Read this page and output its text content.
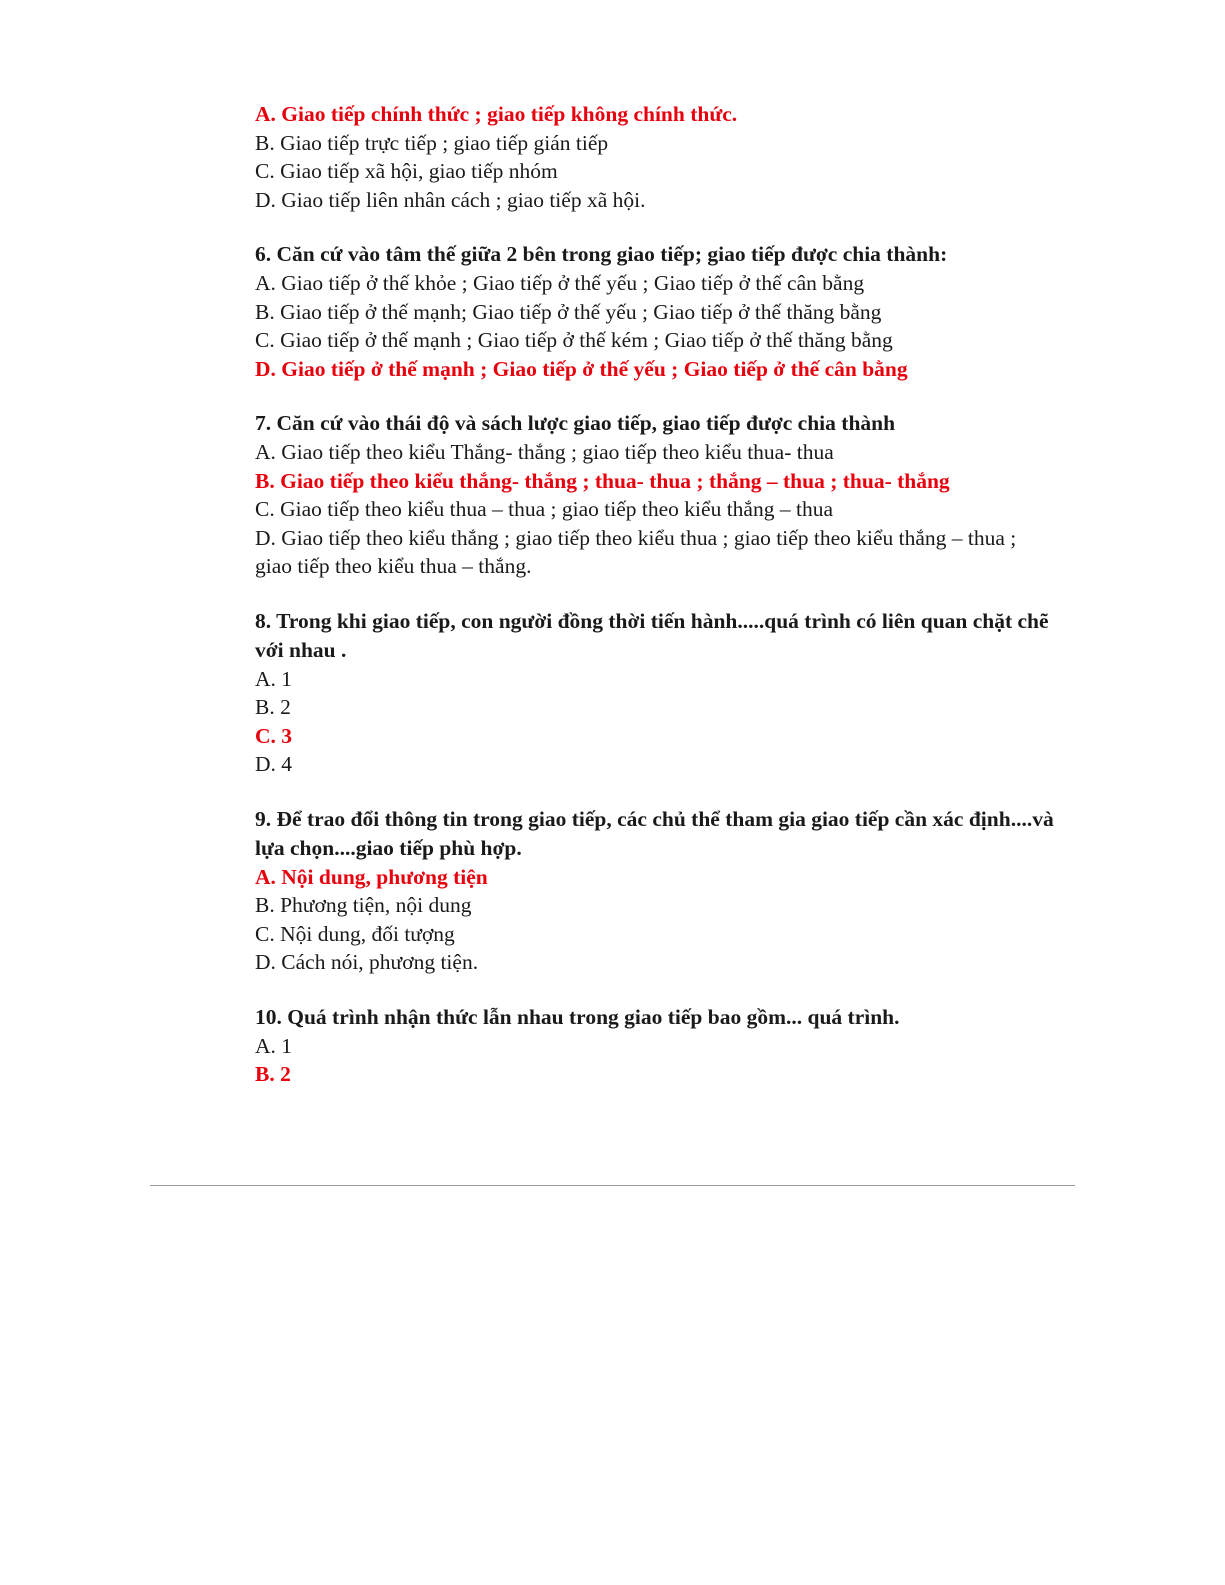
A. Giao tiếp chính thức ; giao tiếp không chính thức.
B. Giao tiếp trực tiếp ; giao tiếp gián tiếp
C. Giao tiếp xã hội, giao tiếp nhóm
D. Giao tiếp liên nhân cách ; giao tiếp xã hội.
6. Căn cứ vào tâm thế giữa 2 bên trong giao tiếp; giao tiếp được chia thành:
A. Giao tiếp ở thế khỏe ; Giao tiếp ở thế yếu ; Giao tiếp ở thế cân bằng
B. Giao tiếp ở thế mạnh; Giao tiếp ở thế yếu ; Giao tiếp ở thế thăng bằng
C. Giao tiếp ở thế mạnh ; Giao tiếp ở thế kém ; Giao tiếp ở thế thăng bằng
D. Giao tiếp ở thế mạnh ; Giao tiếp ở thế yếu ; Giao tiếp ở thế cân bằng
7. Căn cứ vào thái độ và sách lược giao tiếp, giao tiếp được chia thành
A. Giao tiếp theo kiểu Thắng- thắng ; giao tiếp theo kiểu thua- thua
B. Giao tiếp theo kiểu thắng- thắng ; thua- thua ; thắng – thua ; thua- thắng
C. Giao tiếp theo kiểu thua – thua ; giao tiếp theo kiểu thắng – thua
D. Giao tiếp theo kiểu thắng ; giao tiếp theo kiểu thua ; giao tiếp theo kiểu thắng – thua ; giao tiếp theo kiểu thua – thắng.
8. Trong khi giao tiếp, con người đồng thời tiến hành.....quá trình có liên quan chặt chẽ với nhau .
A. 1
B. 2
C. 3
D. 4
9. Để trao đổi thông tin trong giao tiếp, các chủ thể tham gia giao tiếp cần xác định....và lựa chọn....giao tiếp phù hợp.
A. Nội dung, phương tiện
B. Phương tiện, nội dung
C. Nội dung, đối tượng
D. Cách nói, phương tiện.
10. Quá trình nhận thức lẫn nhau trong giao tiếp bao gồm... quá trình.
A. 1
B. 2
